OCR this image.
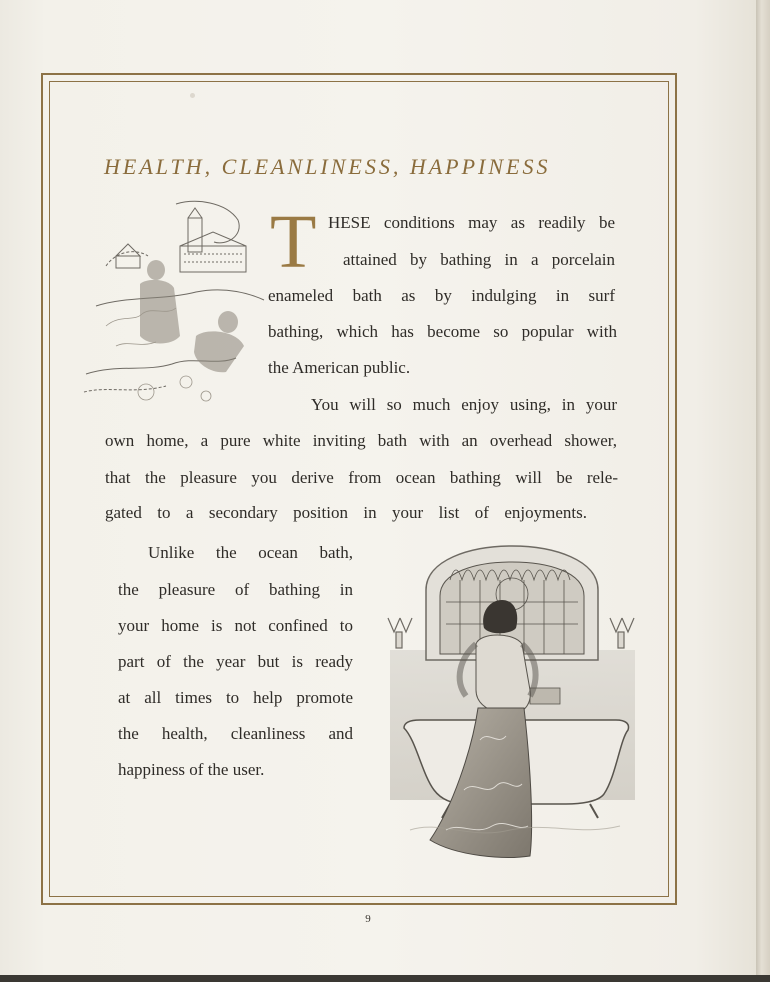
HEALTH, CLEANLINESS, HAPPINESS
T HESE conditions may as readily be
attained by bathing in a porcelain
enameled bath as by indulging in surf
bathing, which has become so popular with
the American public.
You will so much enjoy using, in your
own home, a pure white inviting bath with an overhead shower,
that the pleasure you derive from ocean bathing will be rele-
gated to a secondary position in your list of enjoyments.
Unlike the ocean bath,
the pleasure of bathing in
your home is not confined to
part of the year but is ready
at all times to help promote
the health, cleanliness and
happiness of the user.
9
